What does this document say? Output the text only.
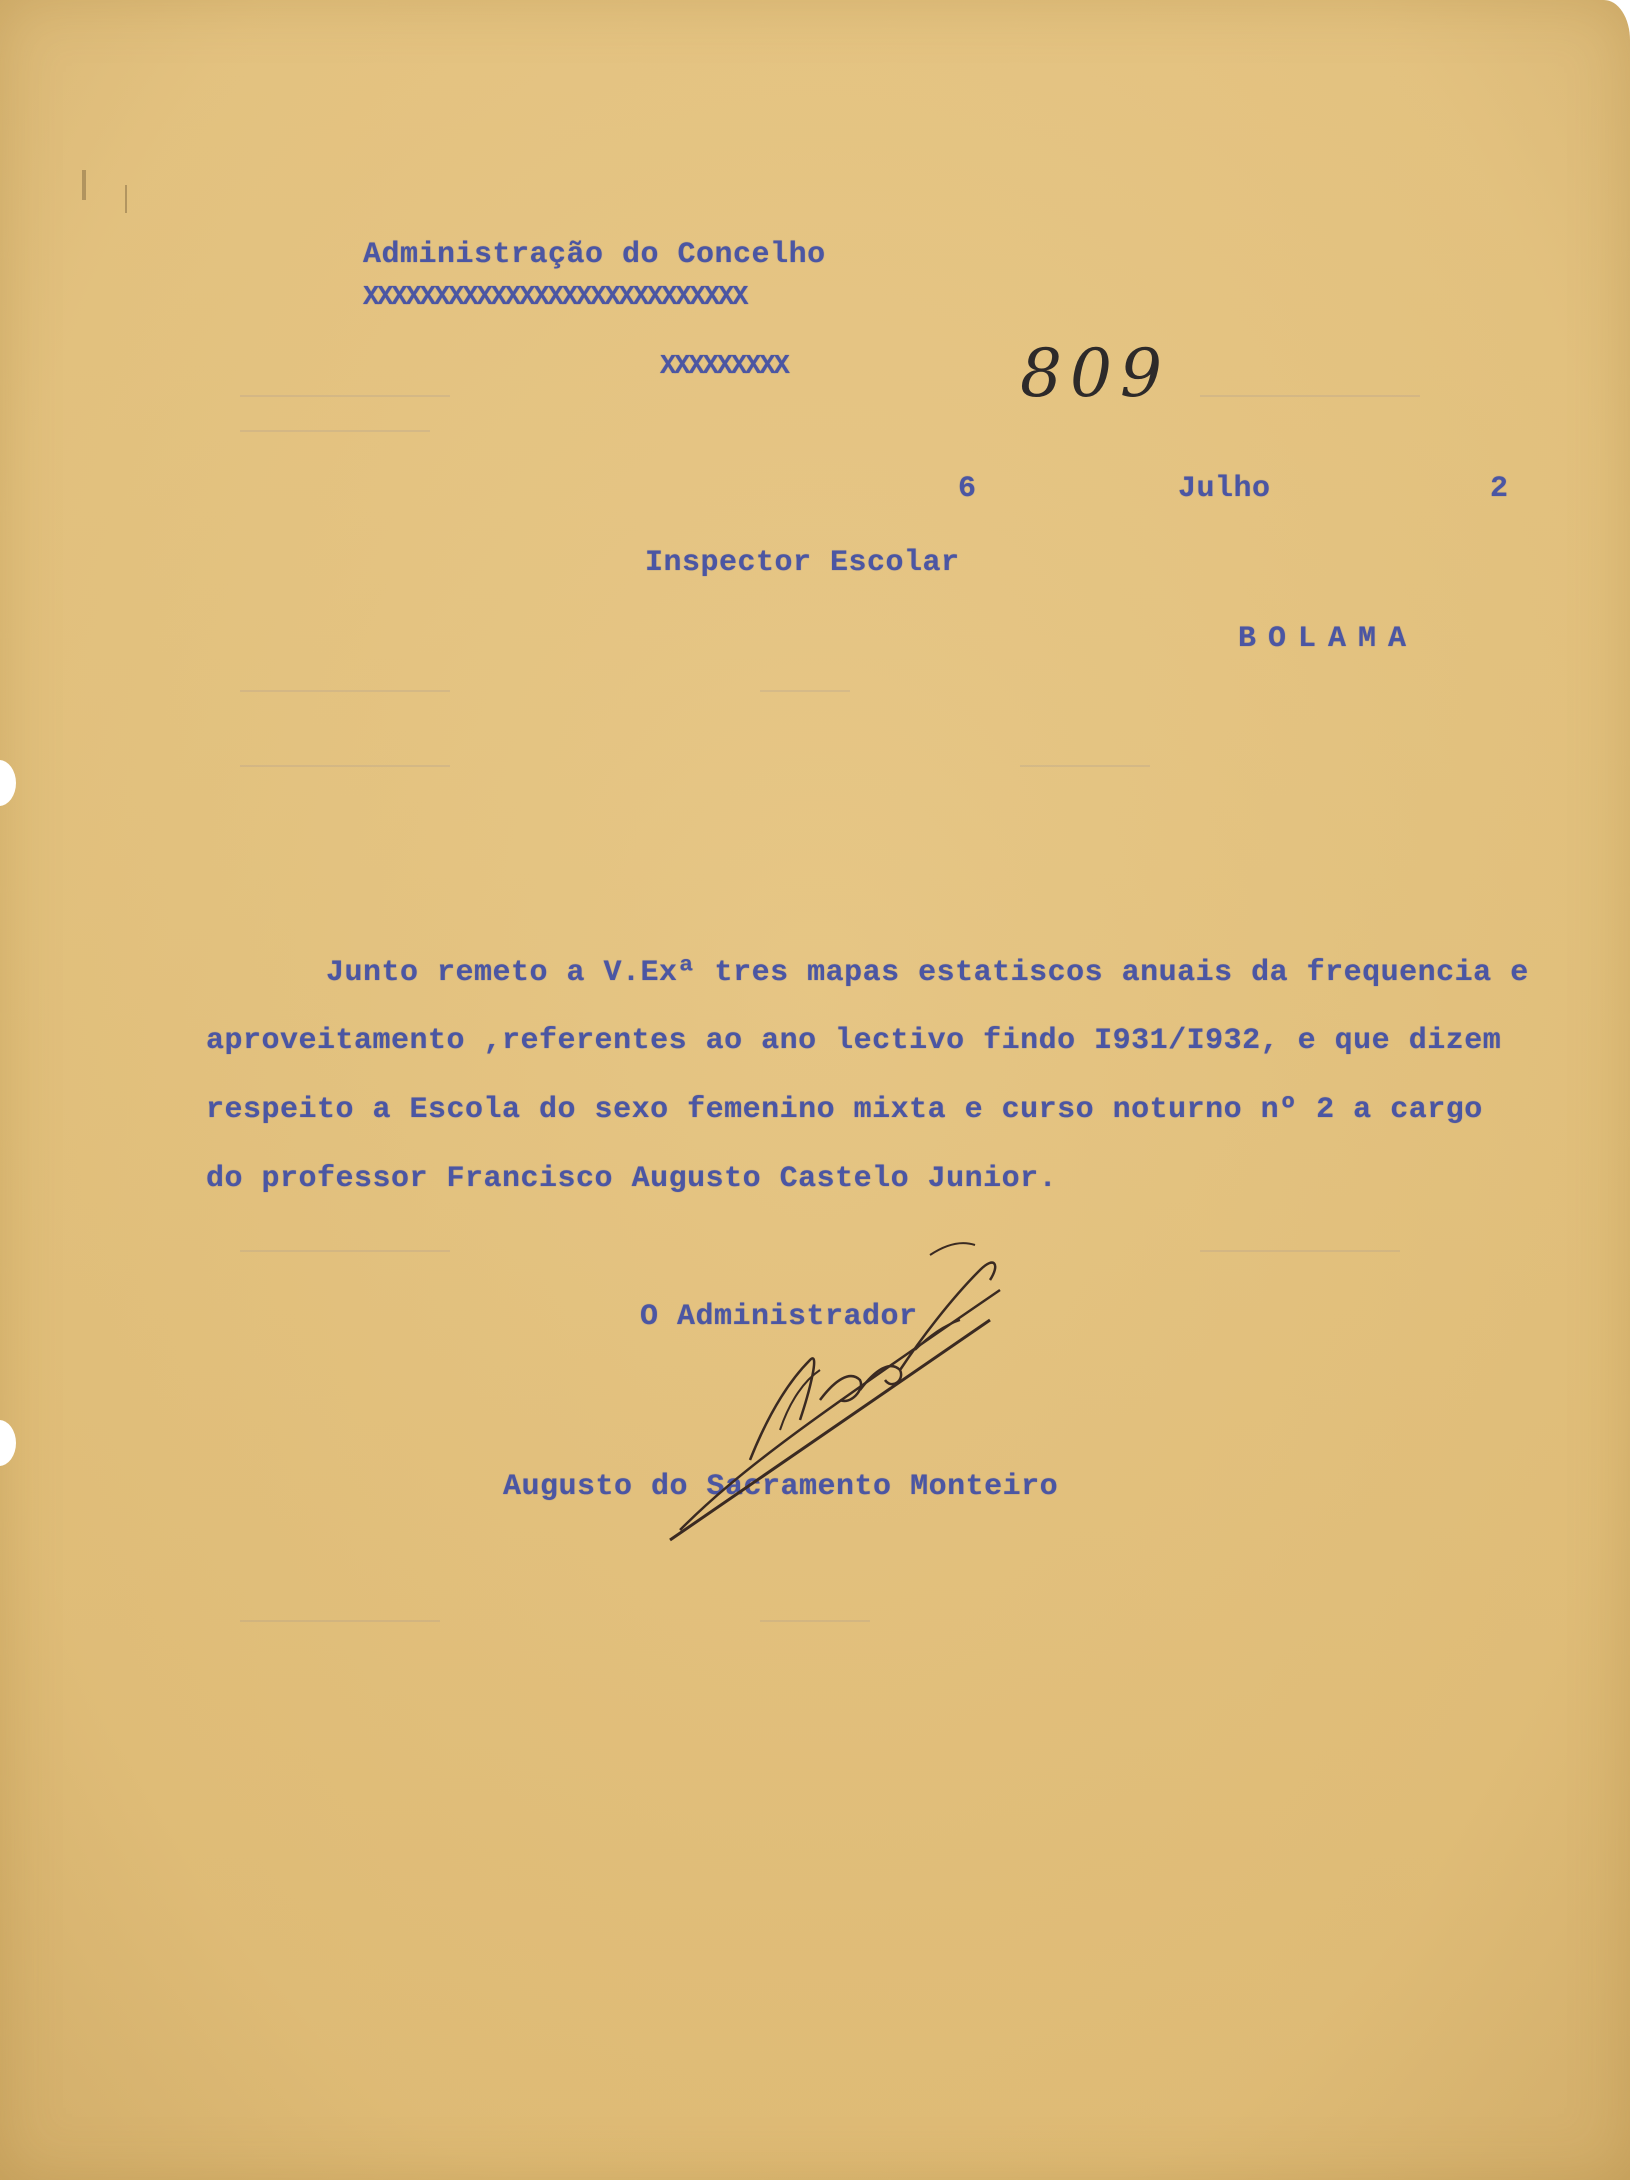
Administração do Concelho
XXXXXXXXXXXXXXXXXXXXXXXXXXX
XXXXXXXXX	809
6	Julho	2
Inspector Escolar
BOLAMA
Junto remeto a V.Exª tres mapas estatiscos anuais da frequencia e
aproveitamento ,referentes ao ano lectivo findo I931/I932, e que dizem
respeito a Escola do sexo femenino mixta e curso noturno nº 2 a cargo
do professor Francisco Augusto Castelo Junior.
O Administrador
Augusto do Sacramento Monteiro
